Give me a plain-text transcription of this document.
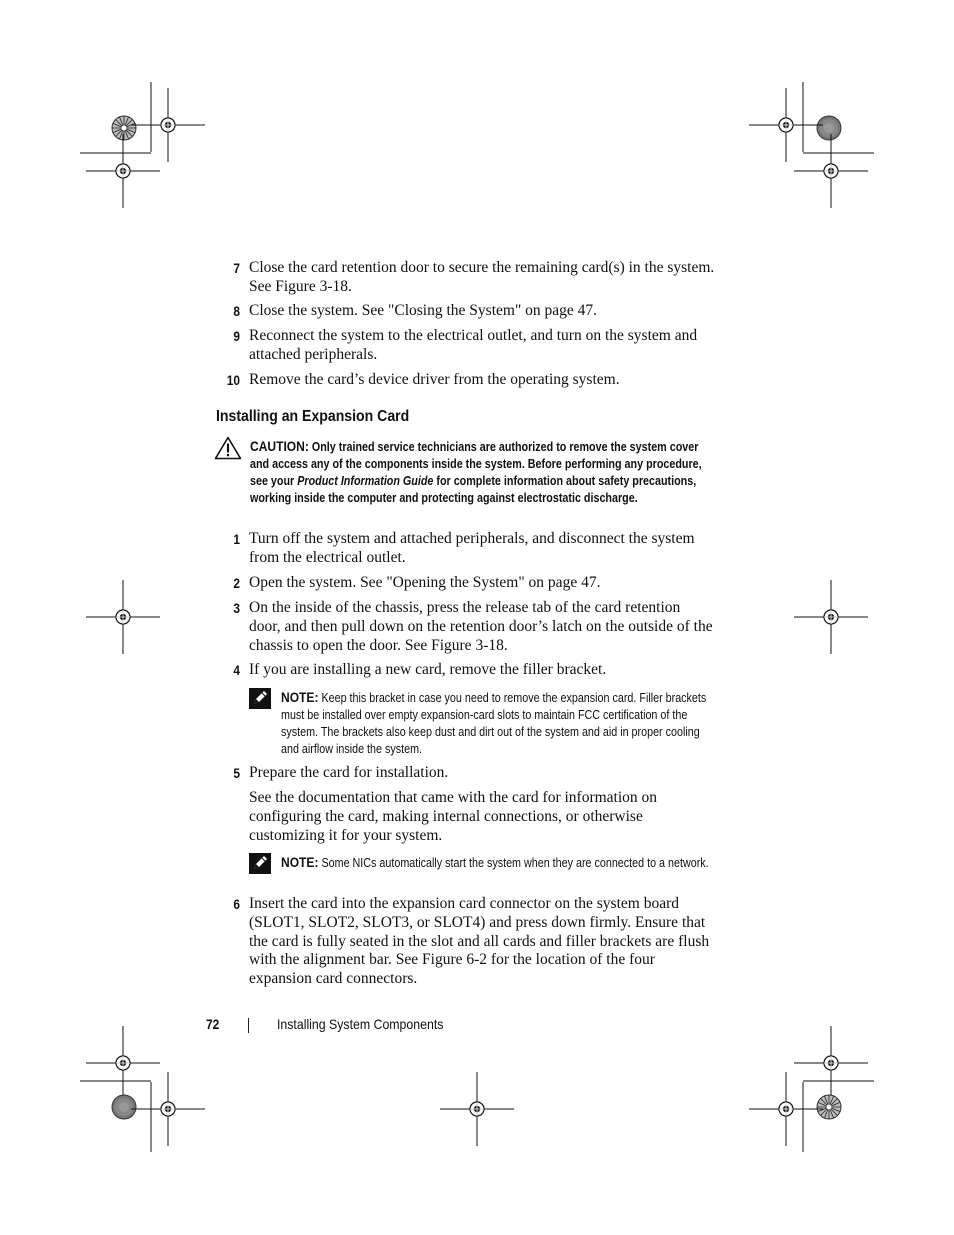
7 Close the card retention door to secure the remaining card(s) in the system. See Figure 3-18.
8 Close the system. See "Closing the System" on page 47.
9 Reconnect the system to the electrical outlet, and turn on the system and attached peripherals.
10 Remove the card’s device driver from the operating system.
Installing an Expansion Card
CAUTION: Only trained service technicians are authorized to remove the system cover and access any of the components inside the system. Before performing any procedure, see your Product Information Guide for complete information about safety precautions, working inside the computer and protecting against electrostatic discharge.
1 Turn off the system and attached peripherals, and disconnect the system from the electrical outlet.
2 Open the system. See "Opening the System" on page 47.
3 On the inside of the chassis, press the release tab of the card retention door, and then pull down on the retention door’s latch on the outside of the chassis to open the door. See Figure 3-18.
4 If you are installing a new card, remove the filler bracket.
NOTE: Keep this bracket in case you need to remove the expansion card. Filler brackets must be installed over empty expansion-card slots to maintain FCC certification of the system. The brackets also keep dust and dirt out of the system and aid in proper cooling and airflow inside the system.
5 Prepare the card for installation.
See the documentation that came with the card for information on configuring the card, making internal connections, or otherwise customizing it for your system.
NOTE: Some NICs automatically start the system when they are connected to a network.
6 Insert the card into the expansion card connector on the system board (SLOT1, SLOT2, SLOT3, or SLOT4) and press down firmly. Ensure that the card is fully seated in the slot and all cards and filler brackets are flush with the alignment bar. See Figure 6-2 for the location of the four expansion card connectors.
72	Installing System Components
